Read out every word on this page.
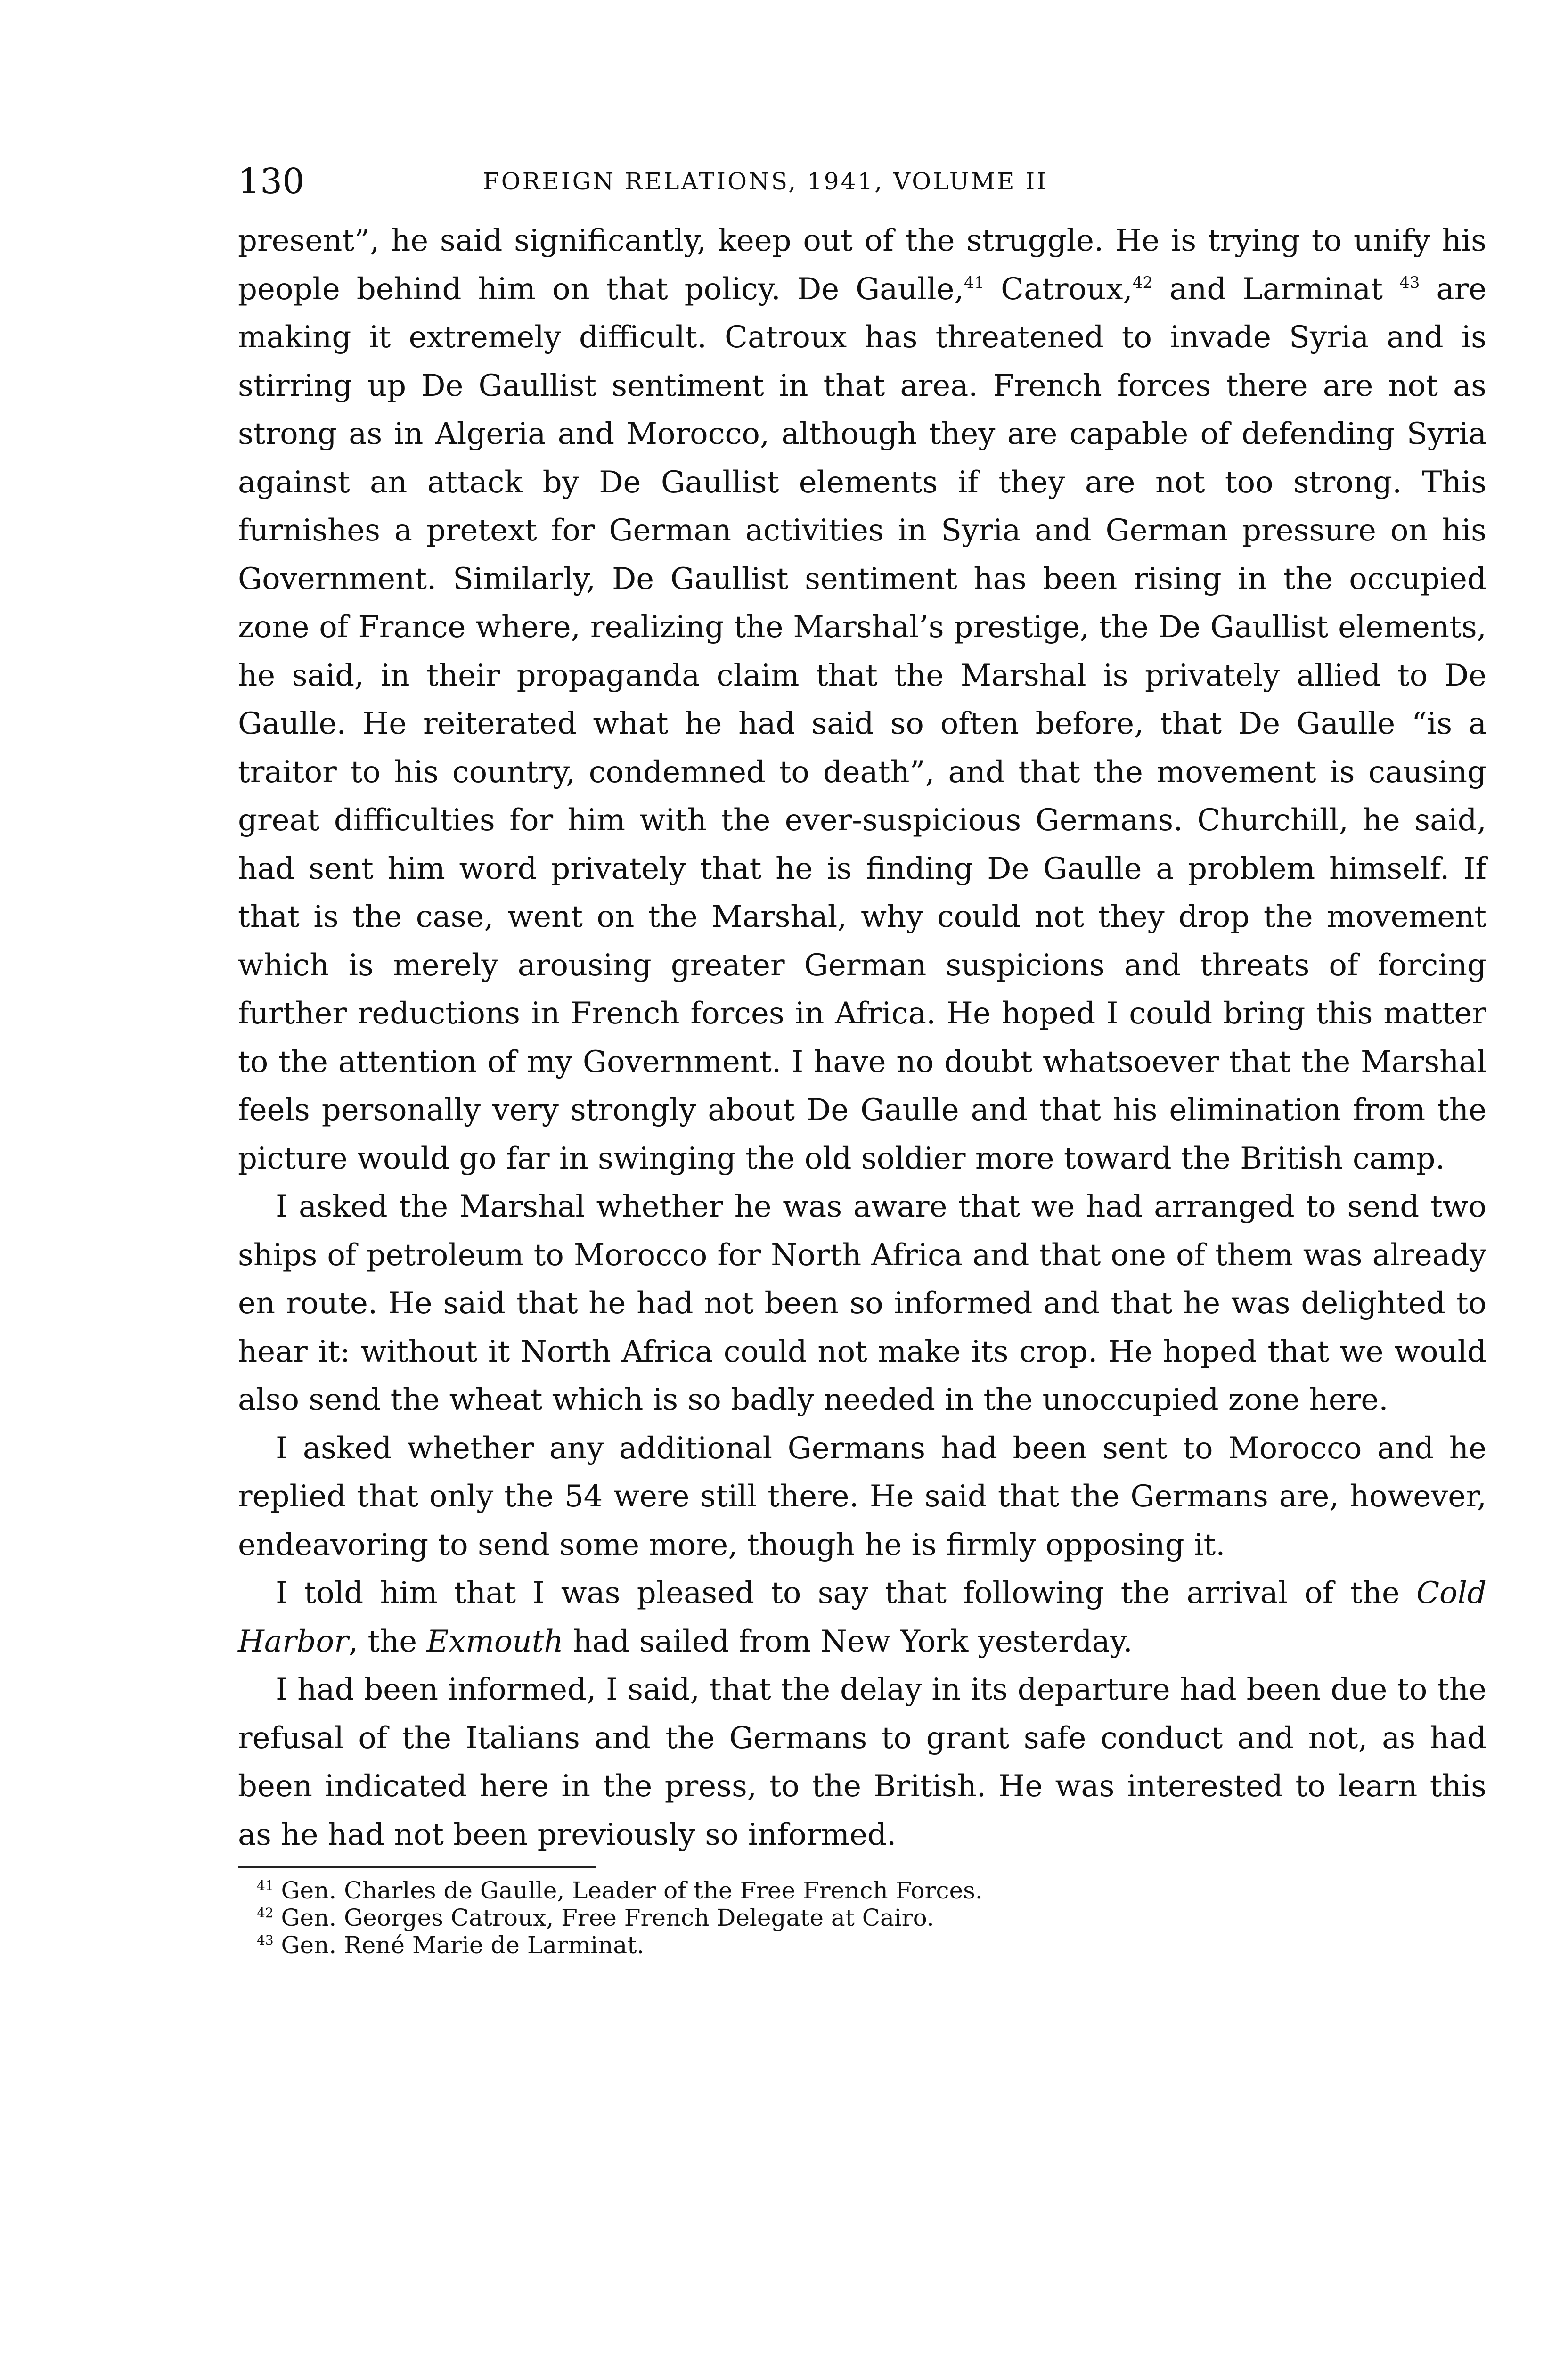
130	FOREIGN RELATIONS, 1941, VOLUME II

present”, he said significantly, keep out of the struggle. He is trying to unify his people behind him on that policy. De Gaulle,$^{41}$ Catroux,$^{42}$ and Larminat $^{43}$ are making it extremely difficult. Catroux has threatened to invade Syria and is stirring up De Gaullist sentiment in that area. French forces there are not as strong as in Algeria and Morocco, although they are capable of defending Syria against an attack by De Gaullist elements if they are not too strong. This furnishes a pretext for German activities in Syria and German pressure on his Government. Similarly, De Gaullist sentiment has been rising in the occupied zone of France where, realizing the Marshal’s prestige, the De Gaullist elements, he said, in their propaganda claim that the Marshal is privately allied to De Gaulle. He reiterated what he had said so often before, that De Gaulle “is a traitor to his country, condemned to death”, and that the movement is causing great difficulties for him with the ever-suspicious Germans. Churchill, he said, had sent him word privately that he is finding De Gaulle a problem himself. If that is the case, went on the Marshal, why could not they drop the movement which is merely arousing greater German suspicions and threats of forcing further reductions in French forces in Africa. He hoped I could bring this matter to the attention of my Government. I have no doubt whatsoever that the Marshal feels personally very strongly about De Gaulle and that his elimination from the picture would go far in swinging the old soldier more toward the British camp.

I asked the Marshal whether he was aware that we had arranged to send two ships of petroleum to Morocco for North Africa and that one of them was already en route. He said that he had not been so informed and that he was delighted to hear it: without it North Africa could not make its crop. He hoped that we would also send the wheat which is so badly needed in the unoccupied zone here.

I asked whether any additional Germans had been sent to Morocco and he replied that only the 54 were still there. He said that the Germans are, however, endeavoring to send some more, though he is firmly opposing it.

I told him that I was pleased to say that following the arrival of the Cold Harbor, the Exmouth had sailed from New York yesterday.

I had been informed, I said, that the delay in its departure had been due to the refusal of the Italians and the Germans to grant safe conduct and not, as had been indicated here in the press, to the British. He was interested to learn this as he had not been previously so informed.

$^{41}$ Gen. Charles de Gaulle, Leader of the Free French Forces.
$^{42}$ Gen. Georges Catroux, Free French Delegate at Cairo.
$^{43}$ Gen. René Marie de Larminat.
